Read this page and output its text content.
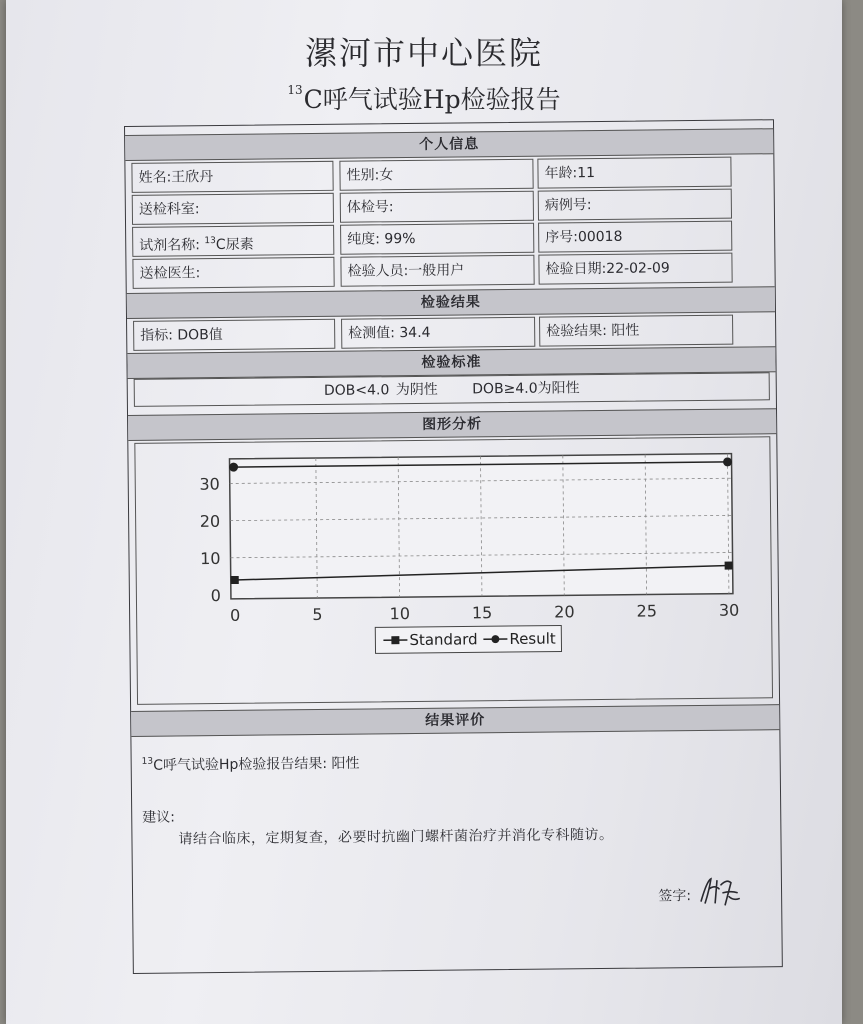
漯河市中心医院
$^{13}$C呼气试验Hp检验报告
个人信息
姓名:王欣丹	性别:女	年龄:11
送检科室:	体检号:	病例号:
试剂名称: $^{13}$C尿素	纯度: 99%	序号:00018
送检医生:	检验人员:一般用户	检验日期:22-02-09
检验结果
指标: DOB值	检测值: 34.4	检验结果: 阳性
检验标准
DOB<4.0 为阴性 DOB≥4.0为阳性
图形分析
0	5	10	15	20	25	30
0
10
20
30
Standard Result
结果评价
$^{13}$C呼气试验Hp检验报告结果: 阳性
建议:
请结合临床，定期复查，必要时抗幽门螺杆菌治疗并消化专科随访。
签字:
